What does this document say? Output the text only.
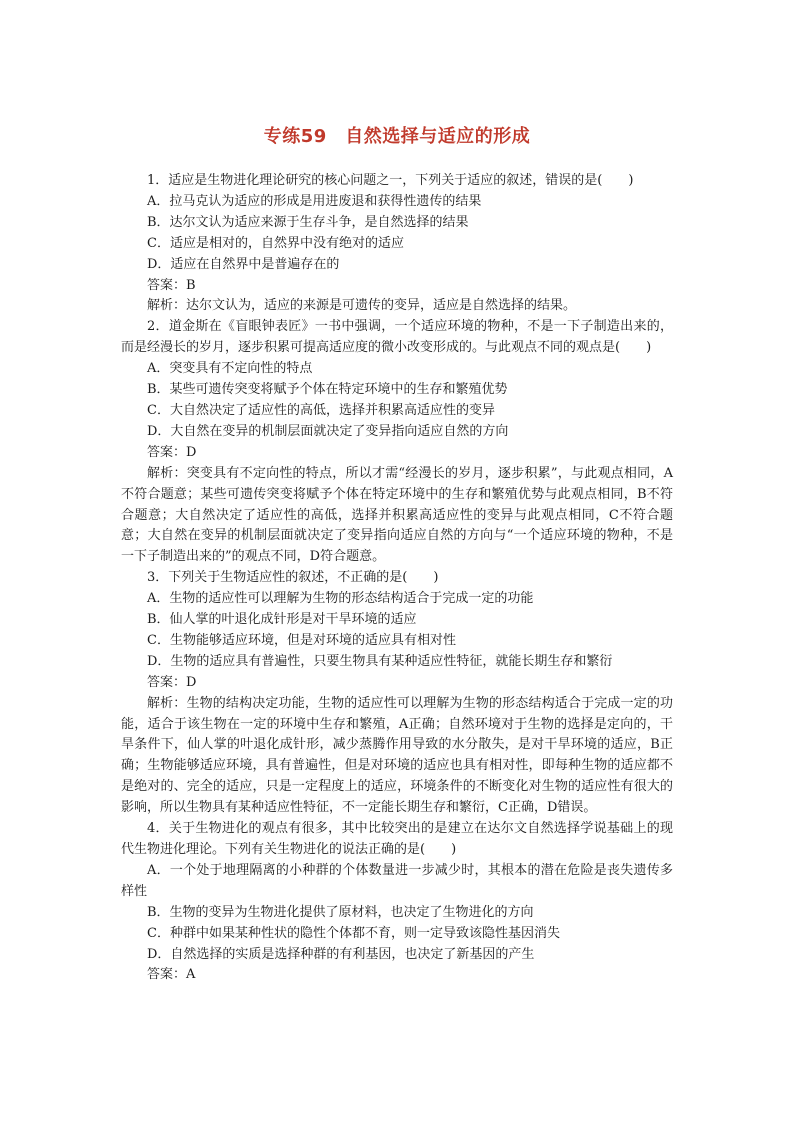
专练59　自然选择与适应的形成

1．适应是生物进化理论研究的核心问题之一，下列关于适应的叙述，错误的是(　　)

A．拉马克认为适应的形成是用进废退和获得性遗传的结果

B．达尔文认为适应来源于生存斗争，是自然选择的结果

C．适应是相对的，自然界中没有绝对的适应

D．适应在自然界中是普遍存在的

答案：B

解析：达尔文认为，适应的来源是可遗传的变异，适应是自然选择的结果。

2．道金斯在《盲眼钟表匠》一书中强调，一个适应环境的物种，不是一下子制造出来的，而是经漫长的岁月，逐步积累可提高适应度的微小改变形成的。与此观点不同的观点是(　　)

A．突变具有不定向性的特点

B．某些可遗传突变将赋予个体在特定环境中的生存和繁殖优势

C．大自然决定了适应性的高低，选择并积累高适应性的变异

D．大自然在变异的机制层面就决定了变异指向适应自然的方向

答案：D

解析：突变具有不定向性的特点，所以才需“经漫长的岁月，逐步积累”，与此观点相同，A不符合题意；某些可遗传突变将赋予个体在特定环境中的生存和繁殖优势与此观点相同，B不符合题意；大自然决定了适应性的高低，选择并积累高适应性的变异与此观点相同，C不符合题意；大自然在变异的机制层面就决定了变异指向适应自然的方向与“一个适应环境的物种，不是一下子制造出来的”的观点不同，D符合题意。

3．下列关于生物适应性的叙述，不正确的是(　　)

A．生物的适应性可以理解为生物的形态结构适合于完成一定的功能

B．仙人掌的叶退化成针形是对干旱环境的适应

C．生物能够适应环境，但是对环境的适应具有相对性

D．生物的适应具有普遍性，只要生物具有某种适应性特征，就能长期生存和繁衍

答案：D

解析：生物的结构决定功能，生物的适应性可以理解为生物的形态结构适合于完成一定的功能，适合于该生物在一定的环境中生存和繁殖，A正确；自然环境对于生物的选择是定向的，干旱条件下，仙人掌的叶退化成针形，减少蒸腾作用导致的水分散失，是对干旱环境的适应，B正确；生物能够适应环境，具有普遍性，但是对环境的适应也具有相对性，即每种生物的适应都不是绝对的、完全的适应，只是一定程度上的适应，环境条件的不断变化对生物的适应性有很大的影响，所以生物具有某种适应性特征，不一定能长期生存和繁衍，C正确，D错误。

4．关于生物进化的观点有很多，其中比较突出的是建立在达尔文自然选择学说基础上的现代生物进化理论。下列有关生物进化的说法正确的是(　　)

A．一个处于地理隔离的小种群的个体数量进一步减少时，其根本的潜在危险是丧失遗传多样性

B．生物的变异为生物进化提供了原材料，也决定了生物进化的方向

C．种群中如果某种性状的隐性个体都不育，则一定导致该隐性基因消失

D．自然选择的实质是选择种群的有利基因，也决定了新基因的产生

答案：A
